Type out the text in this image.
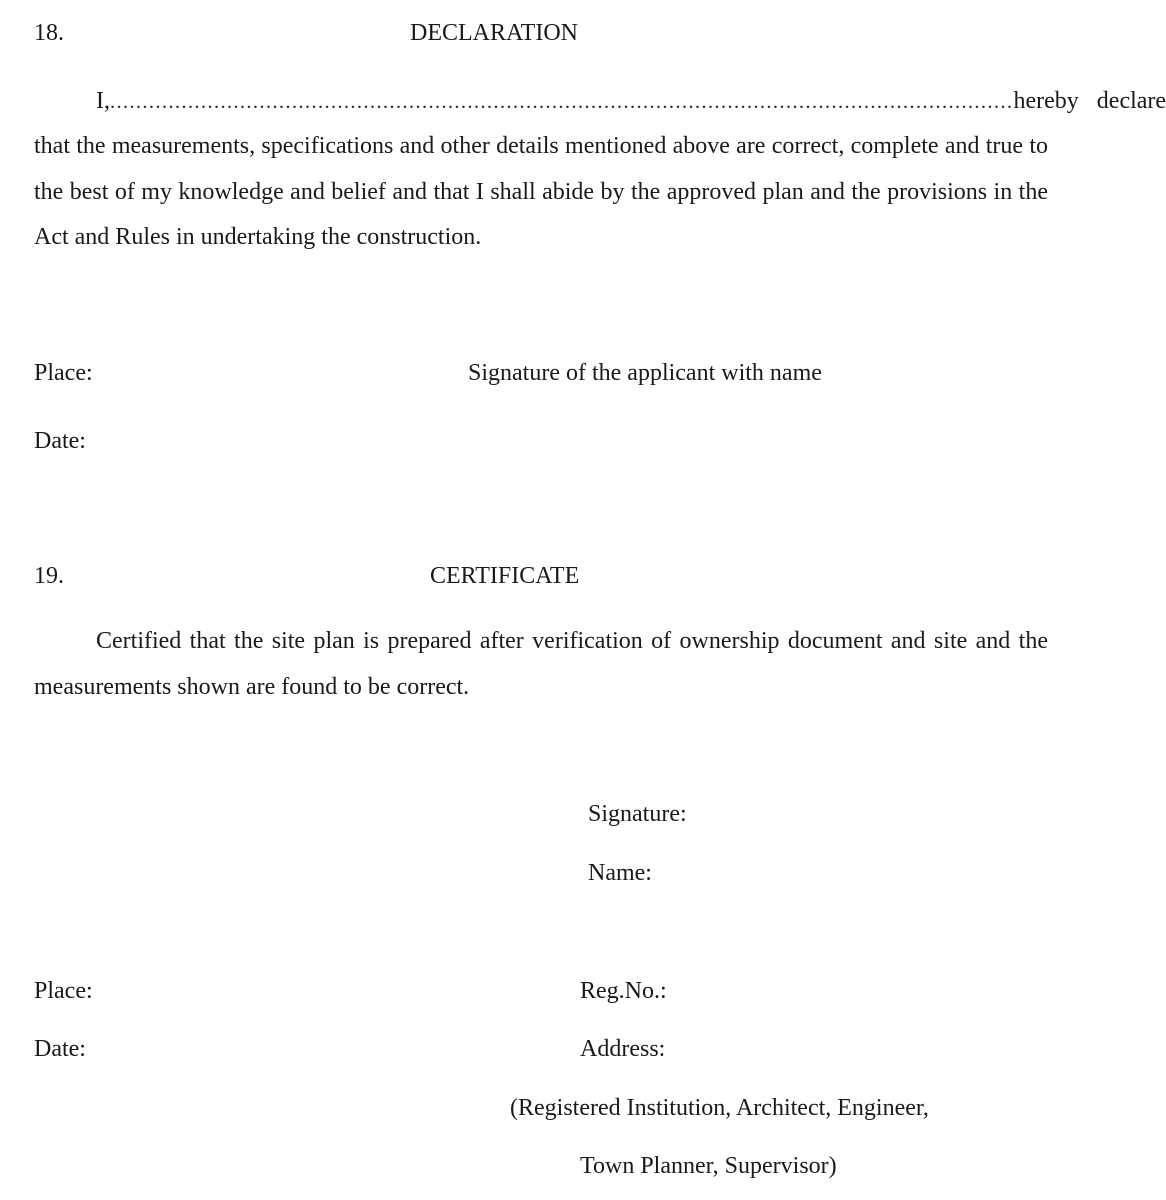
18.	DECLARATION
I, ........................................................................................................................................... hereby declare
that the measurements, specifications and other details mentioned above are correct, complete and true to the best of my knowledge and belief and that I shall abide by the approved plan and the provisions in the Act and Rules in undertaking the construction.
Place:	Signature of the applicant with name
Date:
19.	CERTIFICATE
Certified that the site plan is prepared after verification of ownership document and site and the measurements shown are found to be correct.
Signature:
Name:
Place:	Reg.No.:
Date:	Address:
(Registered Institution, Architect, Engineer,
Town Planner, Supervisor)
